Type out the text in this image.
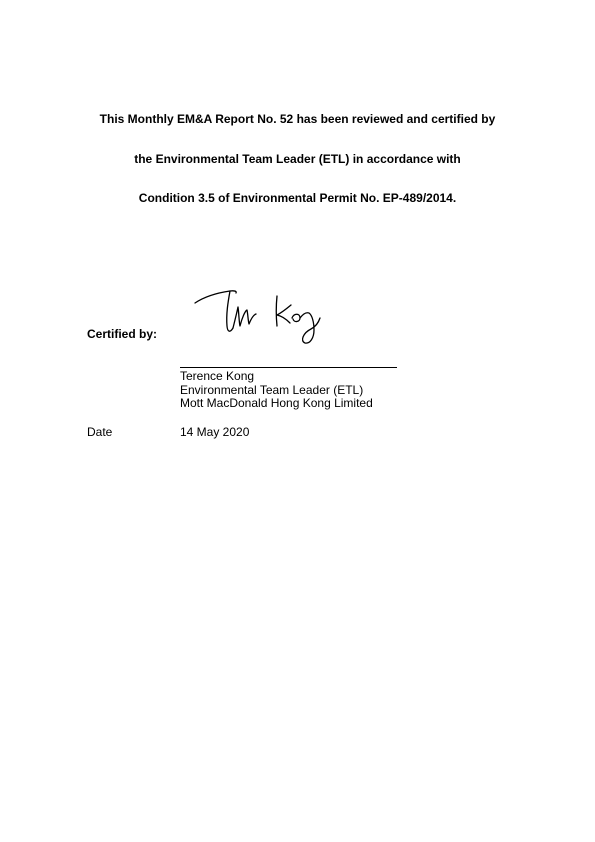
This Monthly EM&A Report No. 52 has been reviewed and certified by
the Environmental Team Leader (ETL) in accordance with
Condition 3.5 of Environmental Permit No. EP-489/2014.
Certified by:
Terence Kong
Environmental Team Leader (ETL)
Mott MacDonald Hong Kong Limited
Date	14 May 2020
